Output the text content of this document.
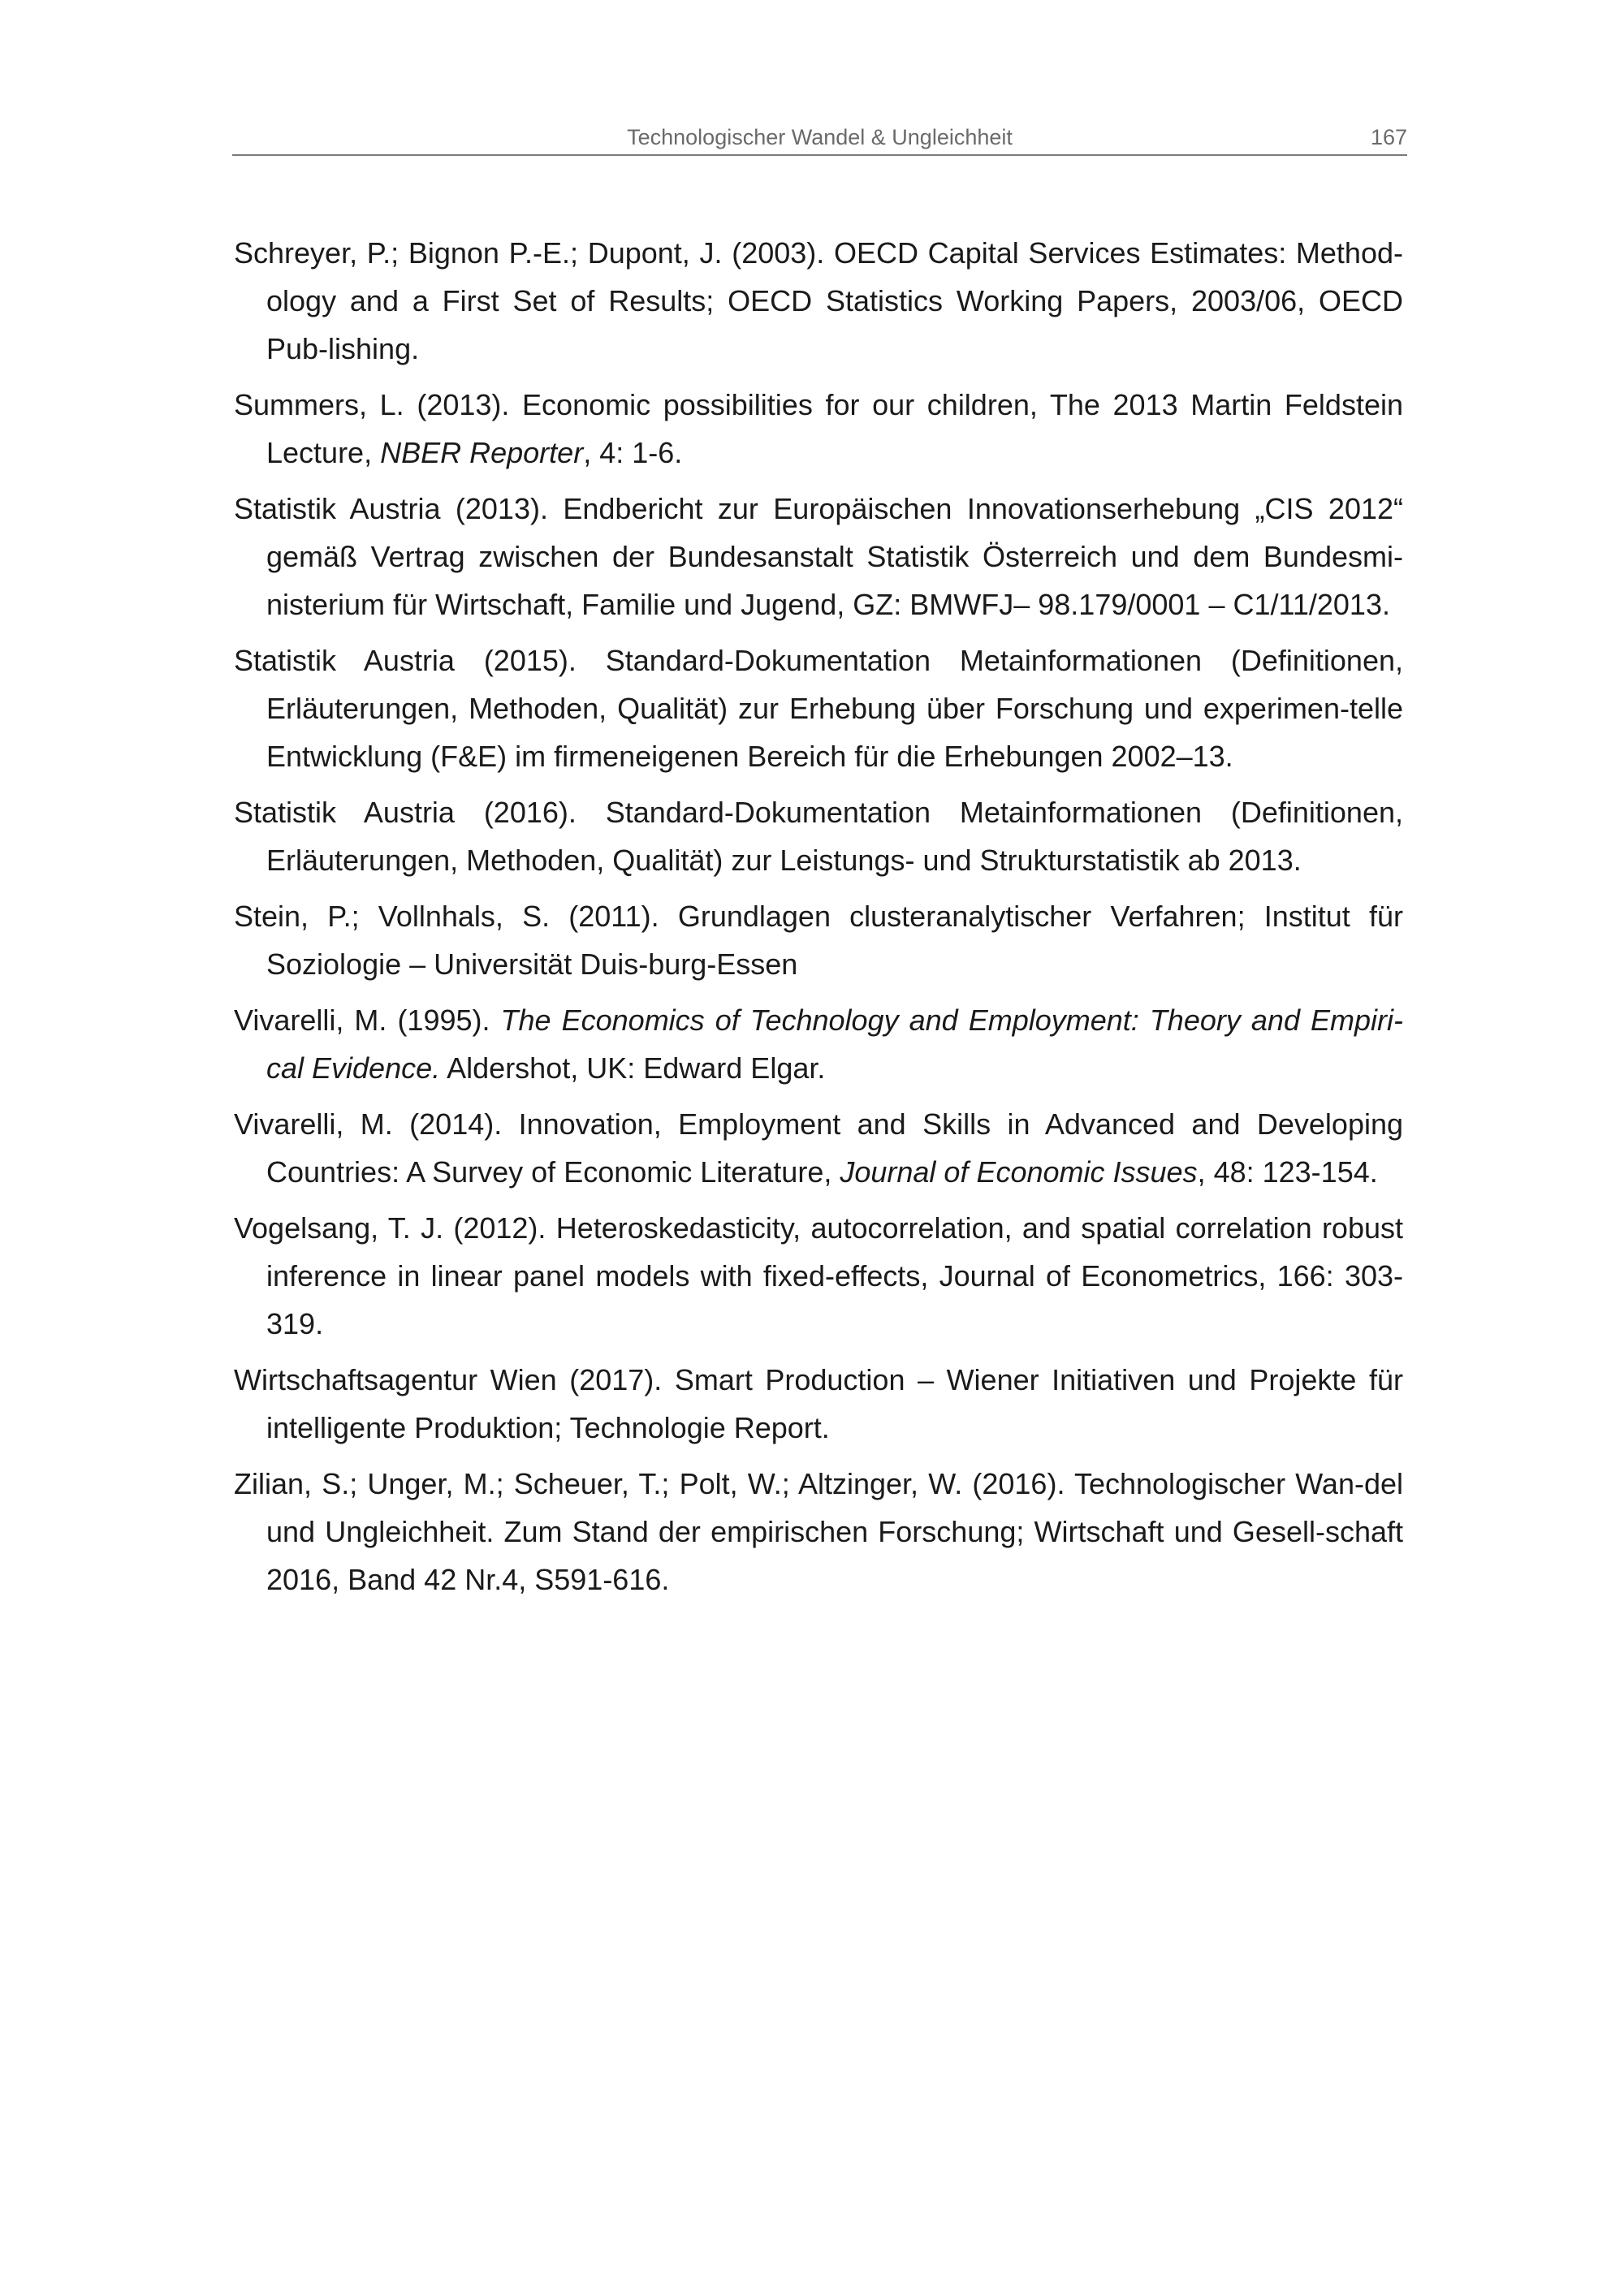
Technologischer Wandel & Ungleichheit	167

Schreyer, P.; Bignon P.-E.; Dupont, J. (2003). OECD Capital Services Estimates: Method-ology and a First Set of Results; OECD Statistics Working Papers, 2003/06, OECD Pub-lishing.

Summers, L. (2013). Economic possibilities for our children, The 2013 Martin Feldstein Lecture, NBER Reporter, 4: 1-6.

Statistik Austria (2013). Endbericht zur Europäischen Innovationserhebung „CIS 2012“ gemäß Vertrag zwischen der Bundesanstalt Statistik Österreich und dem Bundesmi-nisterium für Wirtschaft, Familie und Jugend, GZ: BMWFJ– 98.179/0001 – C1/11/2013.

Statistik Austria (2015). Standard-Dokumentation Metainformationen (Definitionen, Erläuterungen, Methoden, Qualität) zur Erhebung über Forschung und experimen-telle Entwicklung (F&E) im firmeneigenen Bereich für die Erhebungen 2002–13.

Statistik Austria (2016). Standard-Dokumentation Metainformationen (Definitionen, Erläuterungen, Methoden, Qualität) zur Leistungs- und Strukturstatistik ab 2013.

Stein, P.; Vollnhals, S. (2011). Grundlagen clusteranalytischer Verfahren; Institut für Soziologie – Universität Duis-burg-Essen

Vivarelli, M. (1995). The Economics of Technology and Employment: Theory and Empiri-cal Evidence. Aldershot, UK: Edward Elgar.

Vivarelli, M. (2014). Innovation, Employment and Skills in Advanced and Developing Countries: A Survey of Economic Literature, Journal of Economic Issues, 48: 123-154.

Vogelsang, T. J. (2012). Heteroskedasticity, autocorrelation, and spatial correlation robust inference in linear panel models with fixed-effects, Journal of Econometrics, 166: 303-319.

Wirtschaftsagentur Wien (2017). Smart Production – Wiener Initiativen und Projekte für intelligente Produktion; Technologie Report.

Zilian, S.; Unger, M.; Scheuer, T.; Polt, W.; Altzinger, W. (2016). Technologischer Wan-del und Ungleichheit. Zum Stand der empirischen Forschung; Wirtschaft und Gesell-schaft 2016, Band 42 Nr.4, S591-616.
